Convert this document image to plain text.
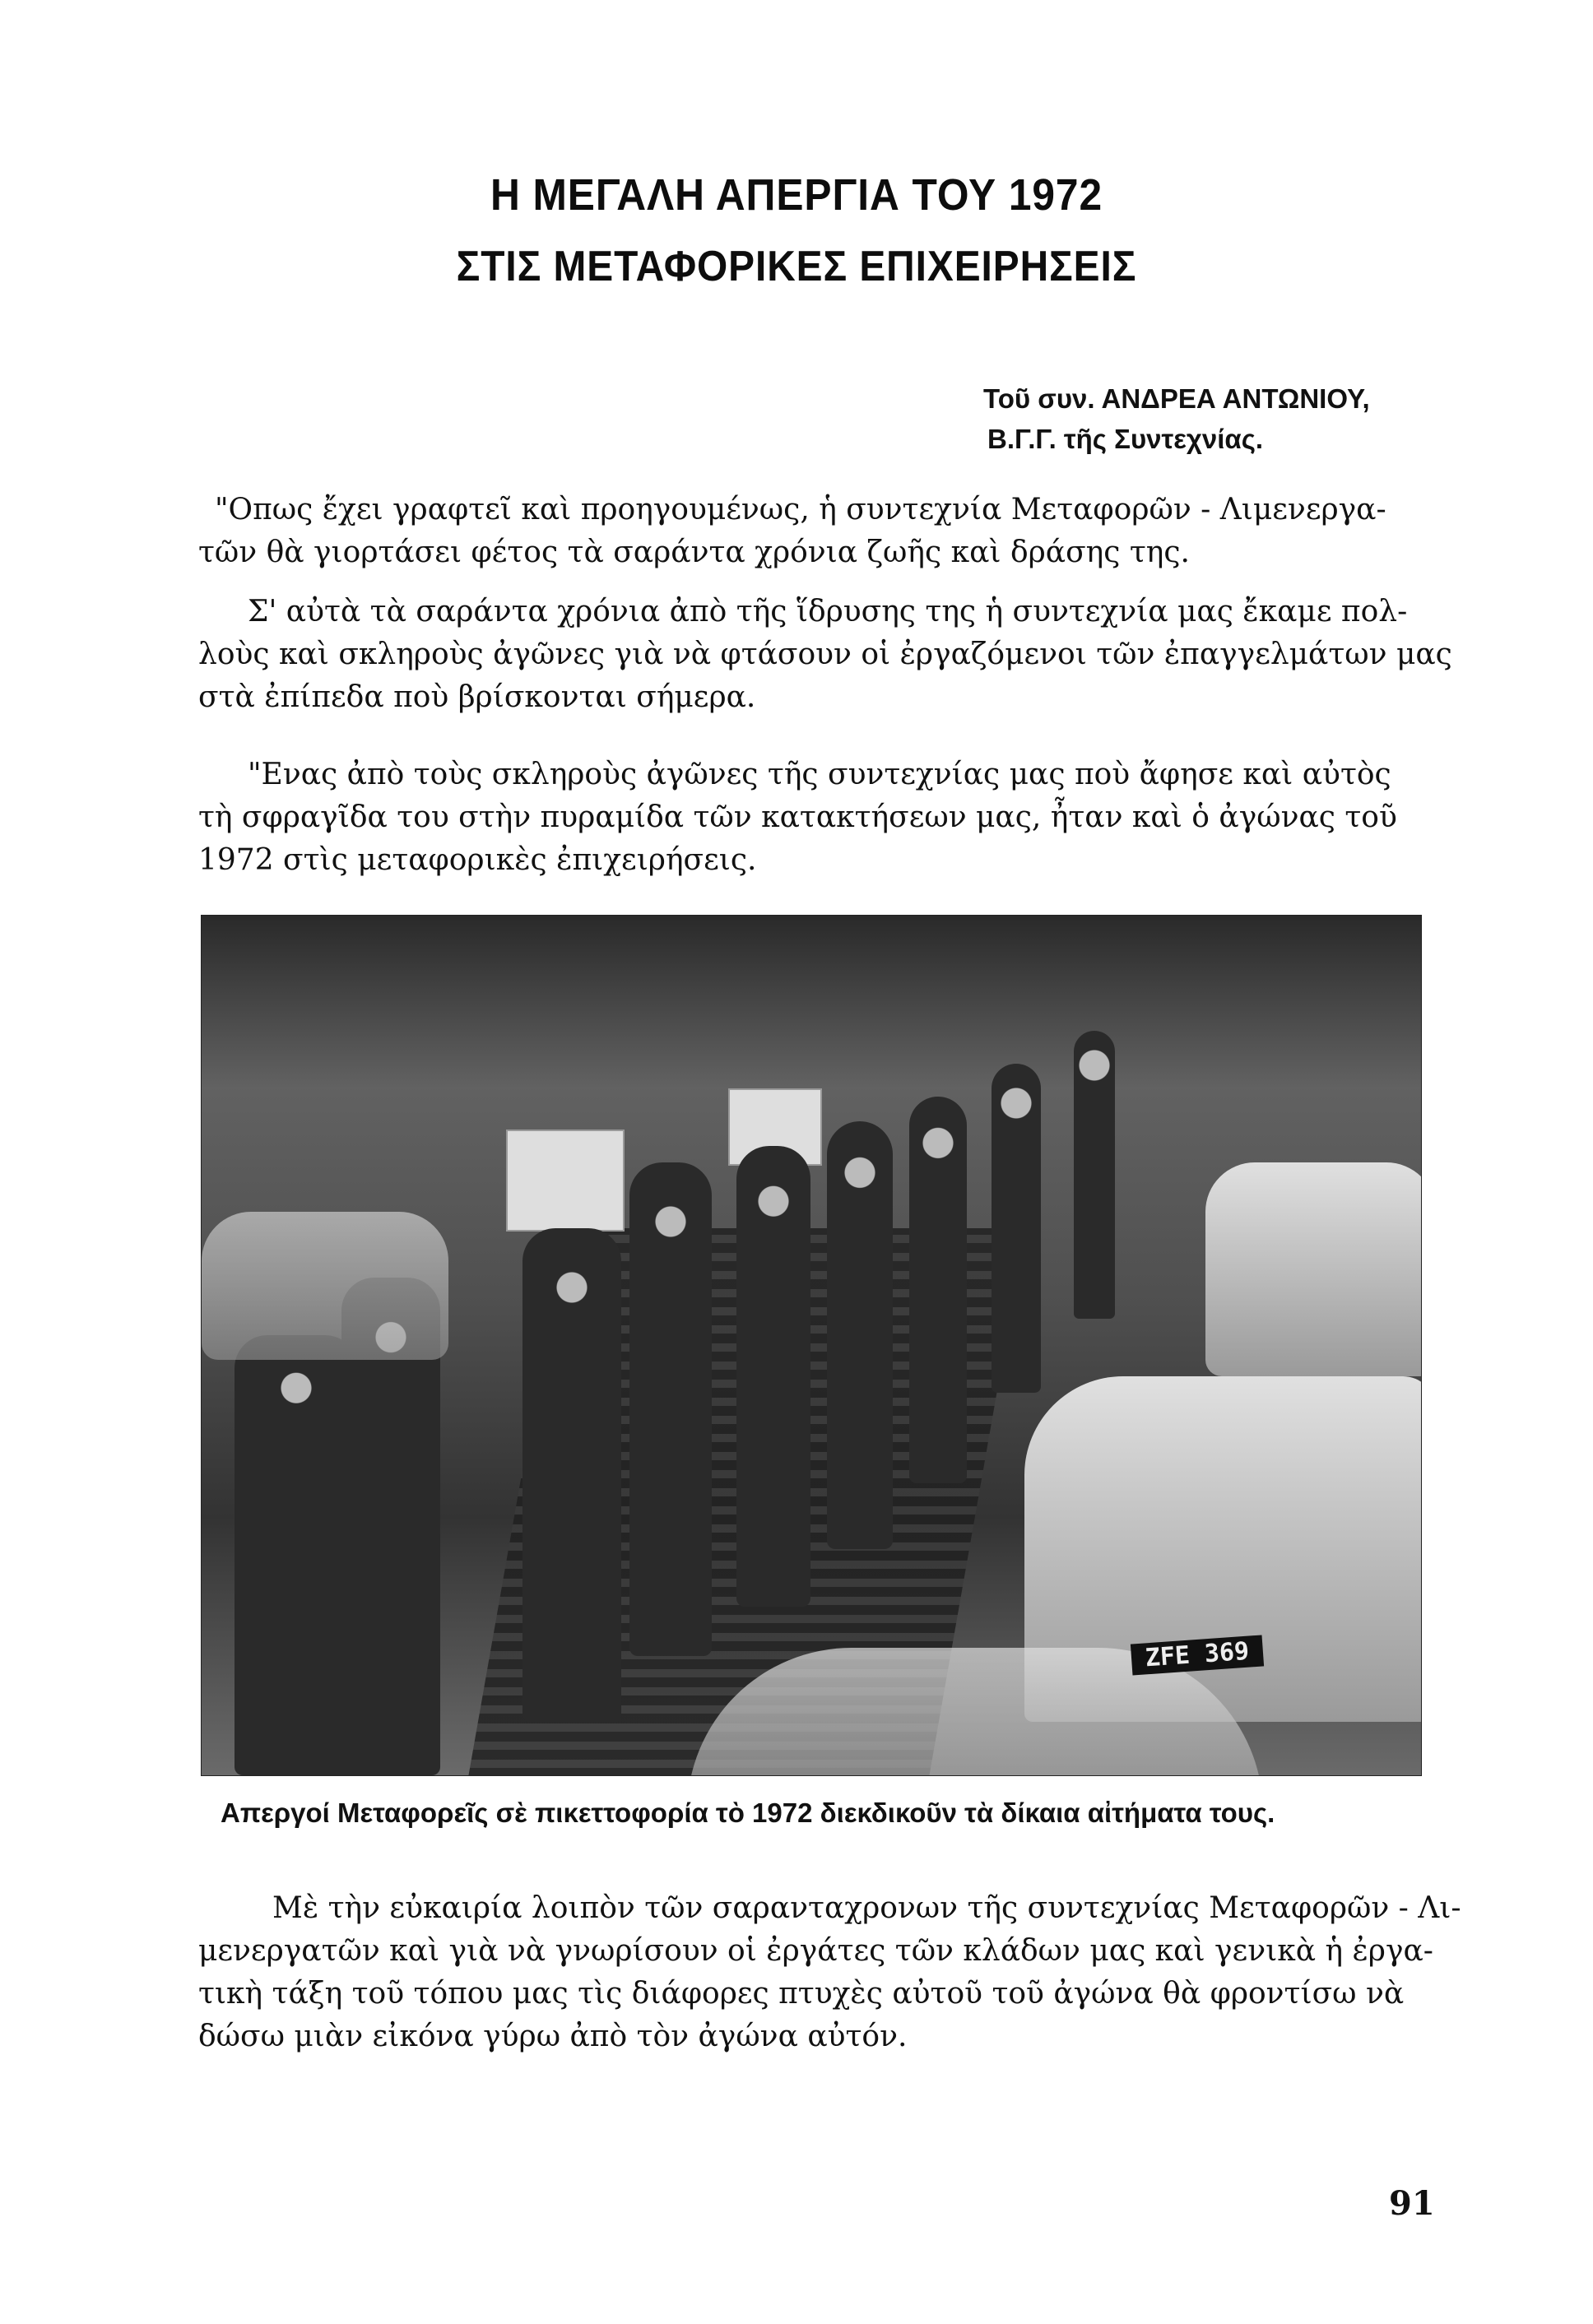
Η ΜΕΓΑΛΗ ΑΠΕΡΓΙΑ ΤΟΥ 1972
ΣΤΙΣ ΜΕΤΑΦΟΡΙΚΕΣ ΕΠΙΧΕΙΡΗΣΕΙΣ
Τοῦ συν. ΑΝΔΡΕΑ ΑΝΤΩΝΙΟΥ,
Β.Γ.Γ. τῆς Συντεχνίας.
"Οπως ἔχει γραφτεῖ καὶ προηγουμένως, ἡ συντεχνία Μεταφορῶν - Λιμενεργα-
τῶν θὰ γιορτάσει φέτος τὰ σαράντα χρόνια ζωῆς καὶ δράσης της.
Σ' αὐτὰ τὰ σαράντα χρόνια ἀπὸ τῆς ἵδρυσης της ἡ συντεχνία μας ἔκαμε πολ-
λοὺς καὶ σκληροὺς ἀγῶνες γιὰ νὰ φτάσουν οἱ ἐργαζόμενοι τῶν ἐπαγγελμάτων μας
στὰ ἐπίπεδα ποὺ βρίσκονται σήμερα.
"Ενας ἀπὸ τοὺς σκληροὺς ἀγῶνες τῆς συντεχνίας μας ποὺ ἄφησε καὶ αὐτὸς
τὴ σφραγῖδα του στὴν πυραμίδα τῶν κατακτήσεων μας, ἦταν καὶ ὁ ἀγώνας τοῦ
1972 στὶς μεταφορικὲς ἐπιχειρήσεις.
ZFE 369
Απεργοί Μεταφορεῖς σὲ πικεττοφορία τὸ 1972 διεκδικοῦν τὰ δίκαια αἰτήματα τους.
Μὲ τὴν εὐκαιρία λοιπὸν τῶν σαρανταχρονων τῆς συντεχνίας Μεταφορῶν - Λι-
μενεργατῶν καὶ γιὰ νὰ γνωρίσουν οἱ ἐργάτες τῶν κλάδων μας καὶ γενικὰ ἡ ἐργα-
τικὴ τάξη τοῦ τόπου μας τὶς διάφορες πτυχὲς αὐτοῦ τοῦ ἀγώνα θὰ φροντίσω νὰ
δώσω μιὰν εἰκόνα γύρω ἀπὸ τὸν ἀγώνα αὐτόν.
91
